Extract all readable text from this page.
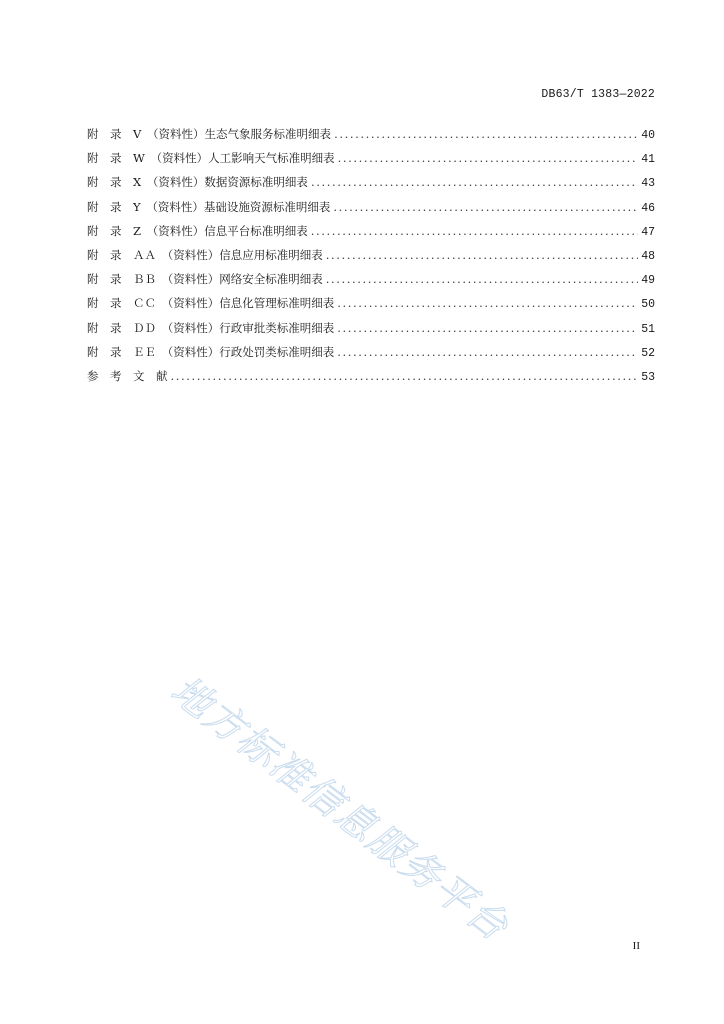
DB63/T 1383—2022
附　录　V　（资料性）生态气象服务标准明细表 .....	40
附　录　W　（资料性）人工影响天气标准明细表 .....	41
附　录　X　（资料性）数据资源标准明细表 .....	43
附　录　Y　（资料性）基础设施资源标准明细表 .....	46
附　录　Z　（资料性）信息平台标准明细表 .....	47
附　录　ＡＡ　（资料性）信息应用标准明细表 .....	48
附　录　ＢＢ　（资料性）网络安全标准明细表 .....	49
附　录　ＣＣ　（资料性）信息化管理标准明细表 .....	50
附　录　ＤＤ　（资料性）行政审批类标准明细表 .....	51
附　录　ＥＥ　（资料性）行政处罚类标准明细表 .....	52
参　考　文　献 .....	53
地方标准信息服务平台	II
